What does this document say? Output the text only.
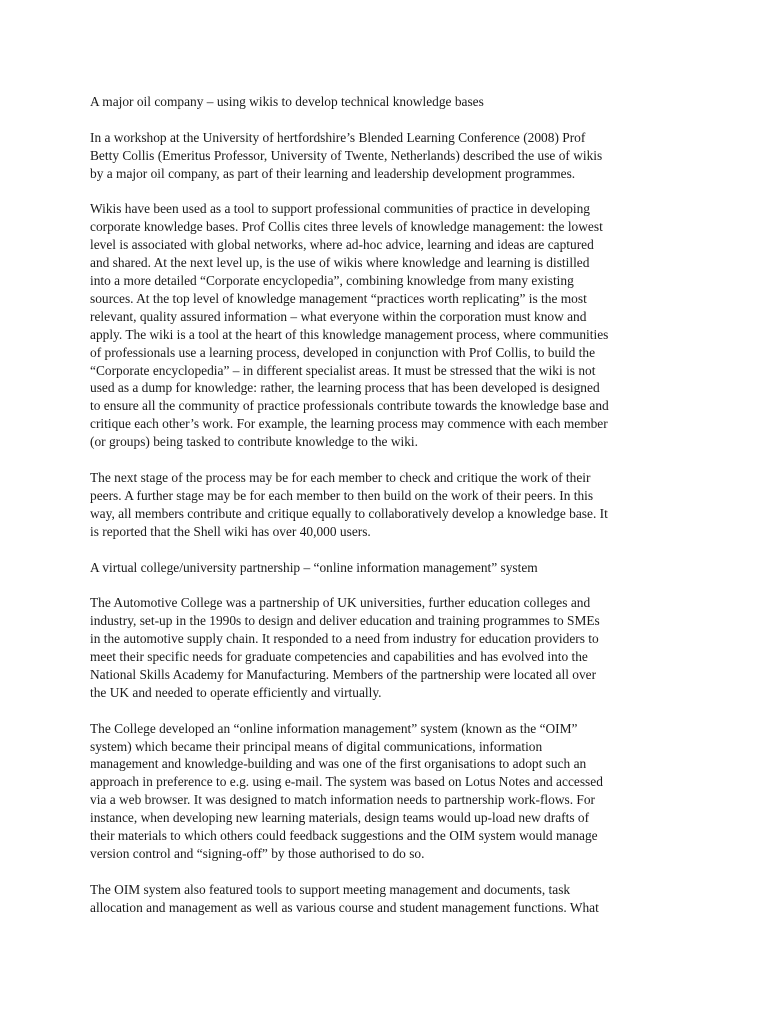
A major oil company – using wikis to develop technical knowledge bases

In a workshop at the University of hertfordshire’s Blended Learning Conference (2008) Prof
Betty Collis (Emeritus Professor, University of Twente, Netherlands) described the use of wikis
by a major oil company, as part of their learning and leadership development programmes.

Wikis have been used as a tool to support professional communities of practice in developing
corporate knowledge bases. Prof Collis cites three levels of knowledge management: the lowest
level is associated with global networks, where ad-hoc advice, learning and ideas are captured
and shared. At the next level up, is the use of wikis where knowledge and learning is distilled
into a more detailed “Corporate encyclopedia”, combining knowledge from many existing
sources. At the top level of knowledge management “practices worth replicating” is the most
relevant, quality assured information – what everyone within the corporation must know and
apply. The wiki is a tool at the heart of this knowledge management process, where communities
of professionals use a learning process, developed in conjunction with Prof Collis, to build the
“Corporate encyclopedia” – in different specialist areas. It must be stressed that the wiki is not
used as a dump for knowledge: rather, the learning process that has been developed is designed
to ensure all the community of practice professionals contribute towards the knowledge base and
critique each other’s work. For example, the learning process may commence with each member
(or groups) being tasked to contribute knowledge to the wiki.

The next stage of the process may be for each member to check and critique the work of their
peers. A further stage may be for each member to then build on the work of their peers. In this
way, all members contribute and critique equally to collaboratively develop a knowledge base. It
is reported that the Shell wiki has over 40,000 users.

A virtual college/university partnership – “online information management” system

The Automotive College was a partnership of UK universities, further education colleges and
industry, set-up in the 1990s to design and deliver education and training programmes to SMEs
in the automotive supply chain. It responded to a need from industry for education providers to
meet their specific needs for graduate competencies and capabilities and has evolved into the
National Skills Academy for Manufacturing. Members of the partnership were located all over
the UK and needed to operate efficiently and virtually.

The College developed an “online information management” system (known as the “OIM”
system) which became their principal means of digital communications, information
management and knowledge-building and was one of the first organisations to adopt such an
approach in preference to e.g. using e-mail. The system was based on Lotus Notes and accessed
via a web browser. It was designed to match information needs to partnership work-flows. For
instance, when developing new learning materials, design teams would up-load new drafts of
their materials to which others could feedback suggestions and the OIM system would manage
version control and “signing-off” by those authorised to do so.

The OIM system also featured tools to support meeting management and documents, task
allocation and management as well as various course and student management functions. What
